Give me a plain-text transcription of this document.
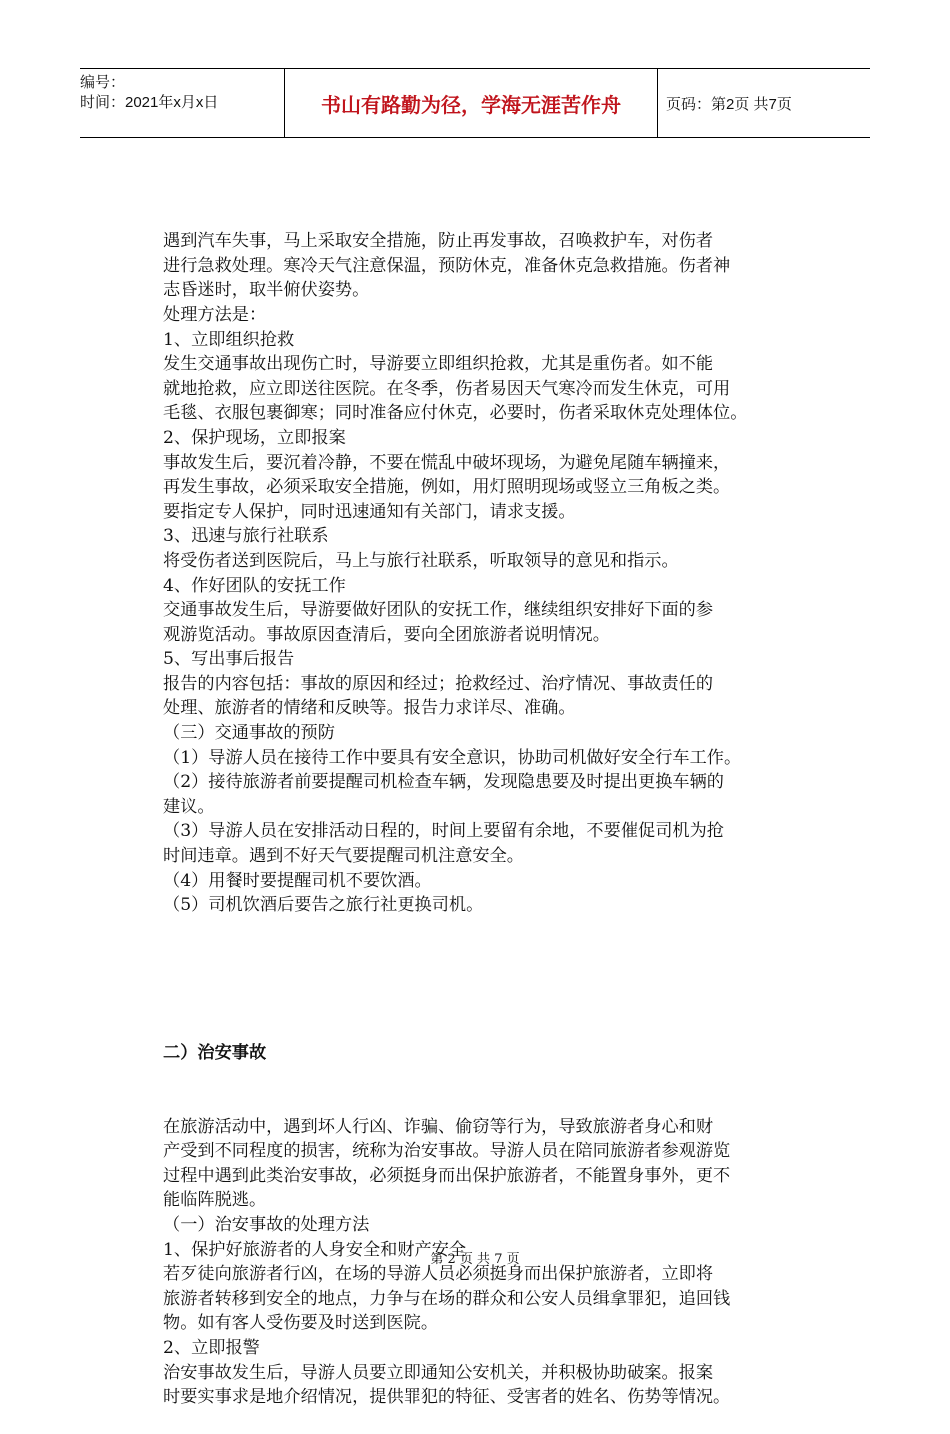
编号：
时间：2021年x月x日	书山有路勤为径，学海无涯苦作舟	页码：第2页 共7页

遇到汽车失事，马上采取安全措施，防止再发事故，召唤救护车，对伤者
进行急救处理。寒冷天气注意保温，预防休克，准备休克急救措施。伤者神
志昏迷时，取半俯伏姿势。
处理方法是：
1、立即组织抢救
发生交通事故出现伤亡时，导游要立即组织抢救，尤其是重伤者。如不能
就地抢救，应立即送往医院。在冬季，伤者易因天气寒冷而发生休克，可用
毛毯、衣服包裹御寒；同时准备应付休克，必要时，伤者采取休克处理体位。
2、保护现场，立即报案
事故发生后，要沉着冷静，不要在慌乱中破坏现场，为避免尾随车辆撞来，
再发生事故，必须采取安全措施，例如，用灯照明现场或竖立三角板之类。
要指定专人保护，同时迅速通知有关部门，请求支援。
3、迅速与旅行社联系
将受伤者送到医院后，马上与旅行社联系，听取领导的意见和指示。
4、作好团队的安抚工作
交通事故发生后，导游要做好团队的安抚工作，继续组织安排好下面的参
观游览活动。事故原因查清后，要向全团旅游者说明情况。
5、写出事后报告
报告的内容包括：事故的原因和经过；抢救经过、治疗情况、事故责任的
处理、旅游者的情绪和反映等。报告力求详尽、准确。
（三）交通事故的预防
（1）导游人员在接待工作中要具有安全意识，协助司机做好安全行车工作。
（2）接待旅游者前要提醒司机检查车辆，发现隐患要及时提出更换车辆的
建议。
（3）导游人员在安排活动日程的，时间上要留有余地，不要催促司机为抢
时间违章。遇到不好天气要提醒司机注意安全。
（4）用餐时要提醒司机不要饮酒。
（5）司机饮酒后要告之旅行社更换司机。

二）治安事故

在旅游活动中，遇到坏人行凶、诈骗、偷窃等行为，导致旅游者身心和财
产受到不同程度的损害，统称为治安事故。导游人员在陪同旅游者参观游览
过程中遇到此类治安事故，必须挺身而出保护旅游者，不能置身事外，更不
能临阵脱逃。
（一）治安事故的处理方法
1、保护好旅游者的人身安全和财产安全
若歹徒向旅游者行凶，在场的导游人员必须挺身而出保护旅游者，立即将
旅游者转移到安全的地点，力争与在场的群众和公安人员缉拿罪犯，追回钱
物。如有客人受伤要及时送到医院。
2、立即报警
治安事故发生后，导游人员要立即通知公安机关，并积极协助破案。报案
时要实事求是地介绍情况，提供罪犯的特征、受害者的姓名、伤势等情况。

第 2 页 共 7 页
